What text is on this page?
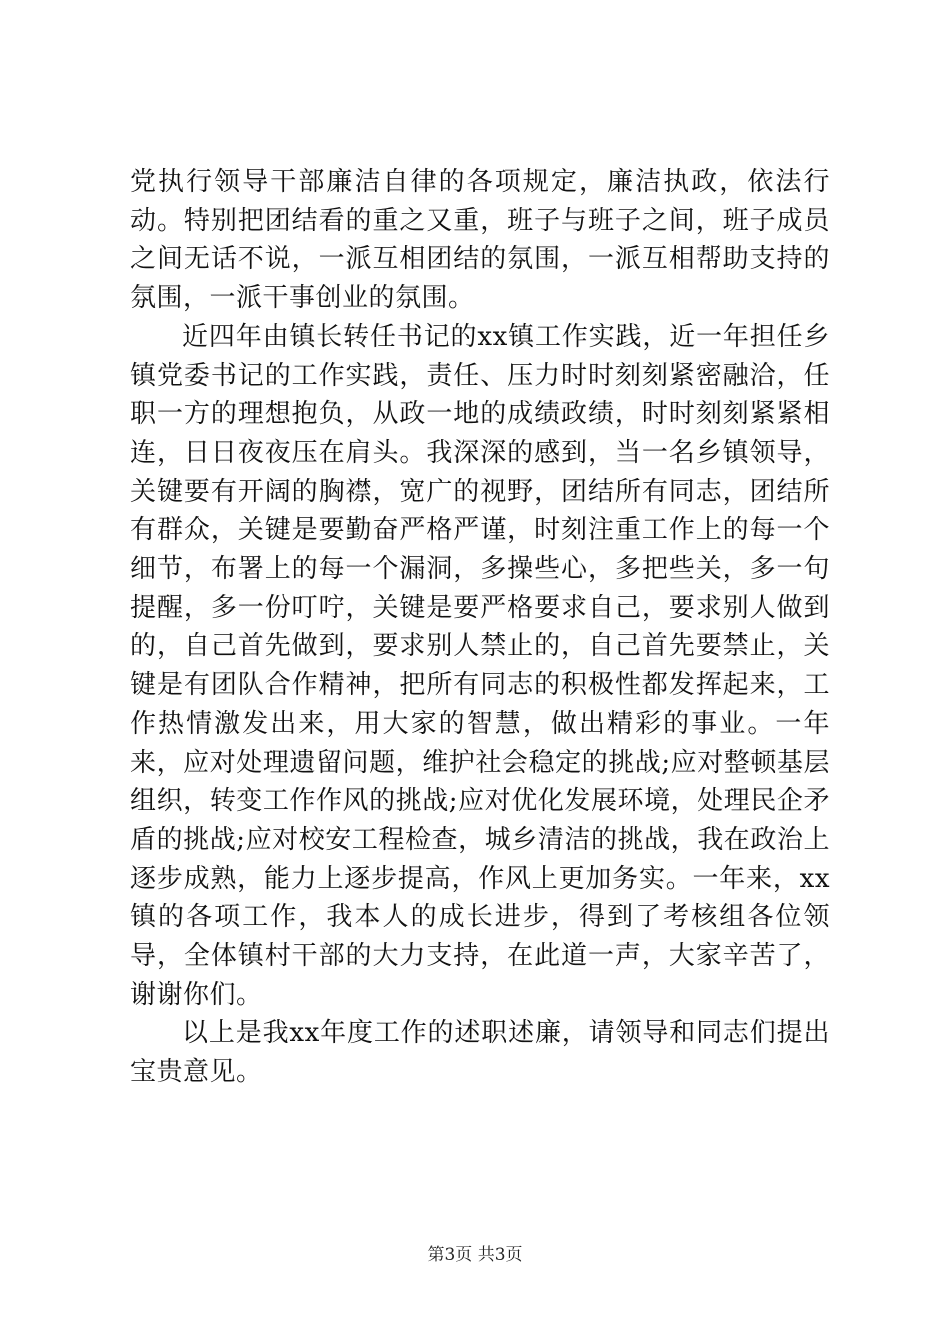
党执行领导干部廉洁自律的各项规定，廉洁执政，依法行动。特别把团结看的重之又重，班子与班子之间，班子成员之间无话不说，一派互相团结的氛围，一派互相帮助支持的氛围，一派干事创业的氛围。

近四年由镇长转任书记的xx镇工作实践，近一年担任乡镇党委书记的工作实践，责任、压力时时刻刻紧密融洽，任职一方的理想抱负，从政一地的成绩政绩，时时刻刻紧紧相连，日日夜夜压在肩头。我深深的感到，当一名乡镇领导，关键要有开阔的胸襟，宽广的视野，团结所有同志，团结所有群众，关键是要勤奋严格严谨，时刻注重工作上的每一个细节，布署上的每一个漏洞，多操些心，多把些关，多一句提醒，多一份叮咛，关键是要严格要求自己，要求别人做到的，自己首先做到，要求别人禁止的，自己首先要禁止，关键是有团队合作精神，把所有同志的积极性都发挥起来，工作热情激发出来，用大家的智慧，做出精彩的事业。一年来，应对处理遗留问题，维护社会稳定的挑战;应对整顿基层组织，转变工作作风的挑战;应对优化发展环境，处理民企矛盾的挑战;应对校安工程检查，城乡清洁的挑战，我在政治上逐步成熟，能力上逐步提高，作风上更加务实。一年来，xx镇的各项工作，我本人的成长进步，得到了考核组各位领导，全体镇村干部的大力支持，在此道一声，大家辛苦了，谢谢你们。

以上是我xx年度工作的述职述廉，请领导和同志们提出宝贵意见。

第3页 共3页
